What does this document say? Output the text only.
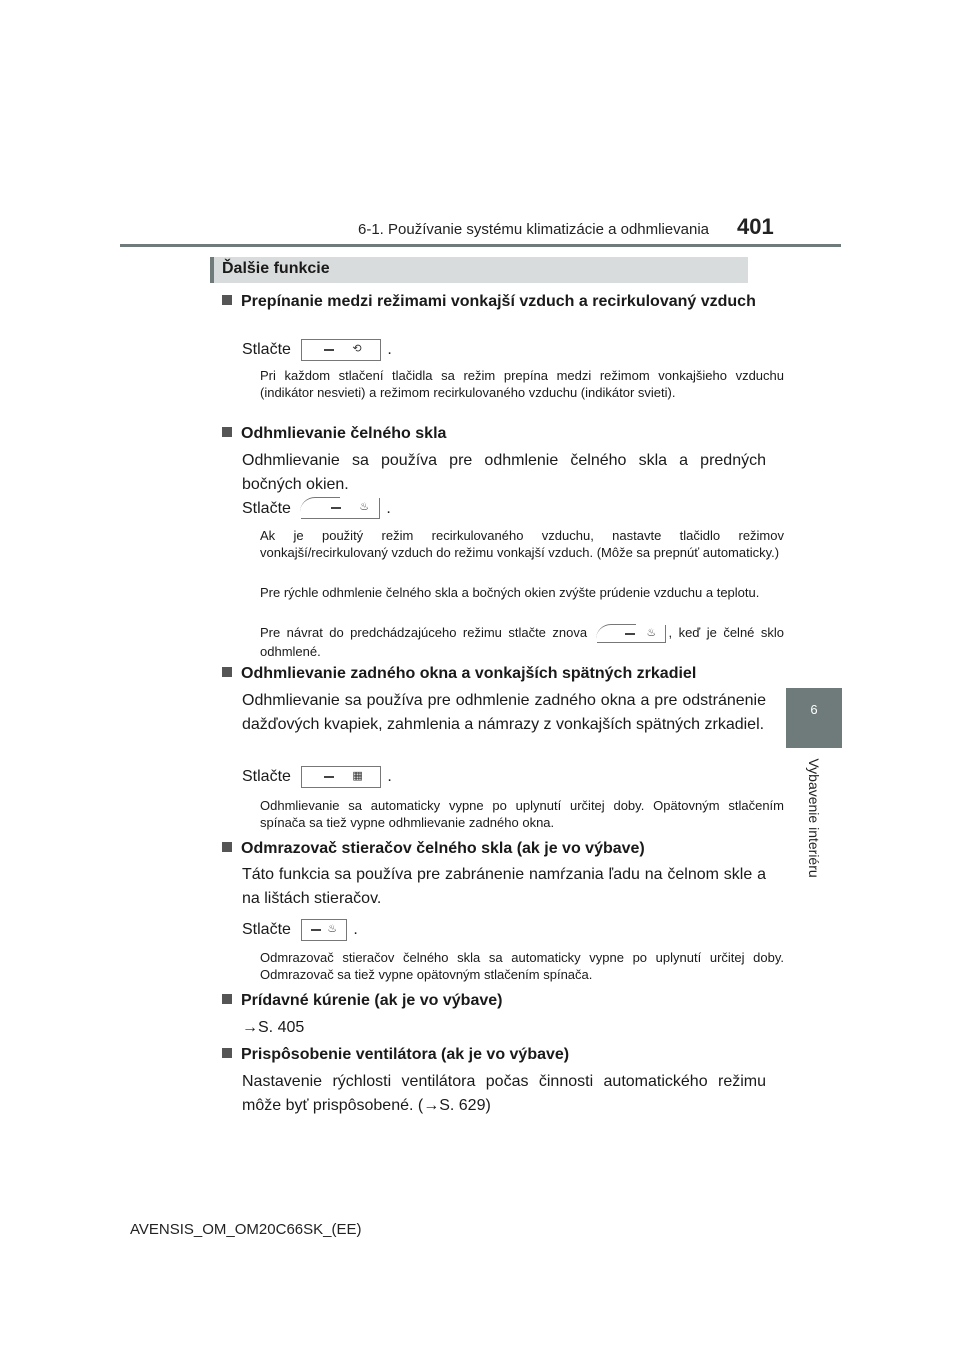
6-1. Používanie systému klimatizácie a odhmlievania 401
6
Vybavenie interiéru
Ďalšie funkcie
Prepínanie medzi režimami vonkajší vzduch a recirkulovaný vzduch
Stlačte	⟲ .
Pri každom stlačení tlačidla sa režim prepína medzi režimom vonkajšieho vzduchu (indikátor nesvieti) a režimom recirkulovaného vzduchu (indikátor svieti).
Odhmlievanie čelného skla
Odhmlievanie sa používa pre odhmlenie čelného skla a predných bočných okien.
Stlačte	♨ .
Ak je použitý režim recirkulovaného vzduchu, nastavte tlačidlo režimov vonkajší/recirkulovaný vzduch do režimu vonkajší vzduch. (Môže sa prepnúť automaticky.)
Pre rýchle odhmlenie čelného skla a bočných okien zvýšte prúdenie vzduchu a teplotu.
Pre návrat do predchádzajúceho režimu stlačte znova	♨ , keď je čelné sklo odhmlené.
Odhmlievanie zadného okna a vonkajších spätných zrkadiel
Odhmlievanie sa používa pre odhmlenie zadného okna a pre odstránenie dažďových kvapiek, zahmlenia a námrazy z vonkajších spätných zrkadiel.
Stlačte	▦ .
Odhmlievanie sa automaticky vypne po uplynutí určitej doby. Opätovným stlačením spínača sa tiež vypne odhmlievanie zadného okna.
Odmrazovač stieračov čelného skla (ak je vo výbave)
Táto funkcia sa používa pre zabránenie namŕzania ľadu na čelnom skle a na lištách stieračov.
Stlačte	♨ .
Odmrazovač stieračov čelného skla sa automaticky vypne po uplynutí určitej doby. Odmrazovač sa tiež vypne opätovným stlačením spínača.
Prídavné kúrenie (ak je vo výbave)
→S. 405
Prispôsobenie ventilátora (ak je vo výbave)
Nastavenie rýchlosti ventilátora počas činnosti automatického režimu môže byť prispôsobené. (→S. 629)
AVENSIS_OM_OM20C66SK_(EE)
